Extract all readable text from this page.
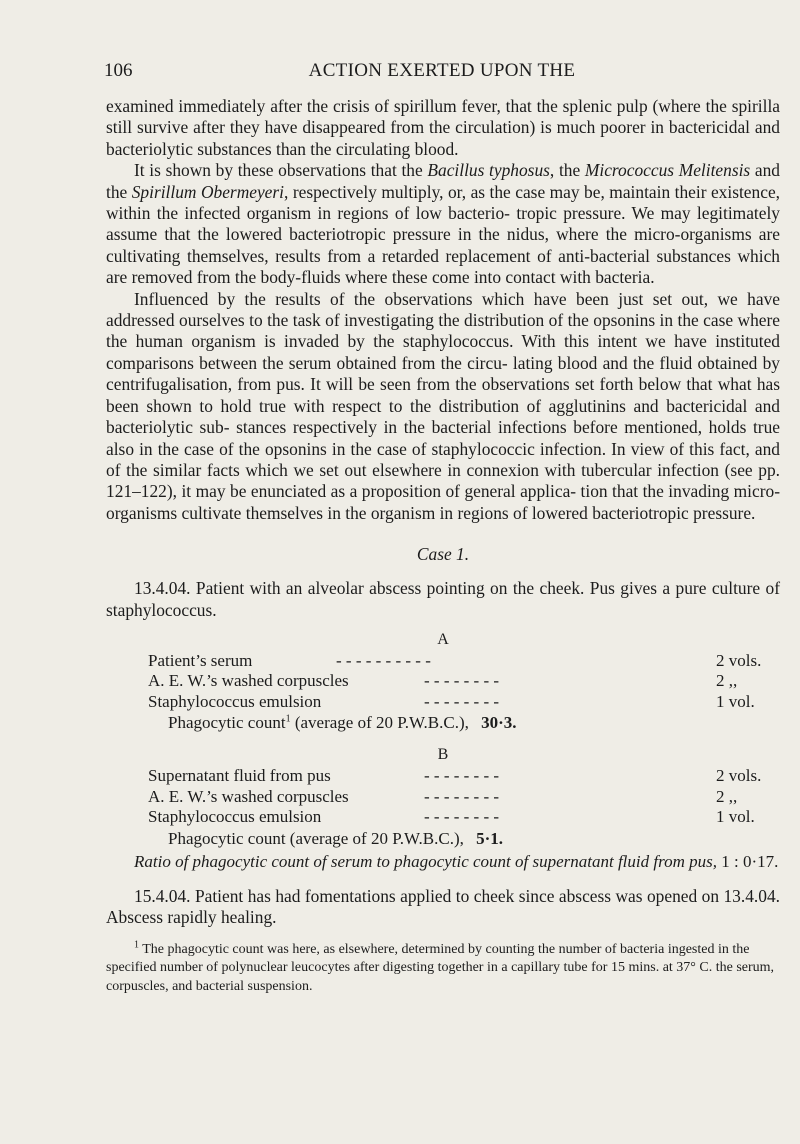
106	ACTION EXERTED UPON THE

examined immediately after the crisis of spirillum fever, that the splenic pulp (where the spirilla still survive after they have disappeared from the circulation) is much poorer in bactericidal and bacteriolytic substances than the circulating blood.

It is shown by these observations that the Bacillus typhosus, the Micrococcus Melitensis and the Spirillum Obermeyeri, respectively multiply, or, as the case may be, maintain their existence, within the infected organism in regions of low bacterio- tropic pressure. We may legitimately assume that the lowered bacteriotropic pressure in the nidus, where the micro-organisms are cultivating themselves, results from a retarded replacement of anti-bacterial substances which are removed from the body-fluids where these come into contact with bacteria.

Influenced by the results of the observations which have been just set out, we have addressed ourselves to the task of investigating the distribution of the opsonins in the case where the human organism is invaded by the staphylococcus. With this intent we have instituted comparisons between the serum obtained from the circu- lating blood and the fluid obtained by centrifugalisation, from pus. It will be seen from the observations set forth below that what has been shown to hold true with respect to the distribution of agglutinins and bactericidal and bacteriolytic sub- stances respectively in the bacterial infections before mentioned, holds true also in the case of the opsonins in the case of staphylococcic infection. In view of this fact, and of the similar facts which we set out elsewhere in connexion with tubercular infection (see pp. 121–122), it may be enunciated as a proposition of general applica- tion that the invading micro-organisms cultivate themselves in the organism in regions of lowered bacteriotropic pressure.

Case 1.

13.4.04. Patient with an alveolar abscess pointing on the cheek. Pus gives a pure culture of staphylococcus.

A
Patient’s serum	- - - - - - - - - -	2 vols.
A. E. W.’s washed corpuscles	- - - - - - - -	2 ,,
Staphylococcus emulsion	- - - - - - - -	1 vol.
Phagocytic count$^1$ (average of 20 P.W.B.C.), 30·3.
B
Supernatant fluid from pus	- - - - - - - -	2 vols.
A. E. W.’s washed corpuscles	- - - - - - - -	2 ,,
Staphylococcus emulsion	- - - - - - - -	1 vol.
Phagocytic count (average of 20 P.W.B.C.), 5·1.
Ratio of phagocytic count of serum to phagocytic count of supernatant fluid from pus, 1 : 0·17.

15.4.04. Patient has had fomentations applied to cheek since abscess was opened on 13.4.04. Abscess rapidly healing.

$^1$ The phagocytic count was here, as elsewhere, determined by counting the number of bacteria ingested in the specified number of polynuclear leucocytes after digesting together in a capillary tube for 15 mins. at 37° C. the serum, corpuscles, and bacterial suspension.
